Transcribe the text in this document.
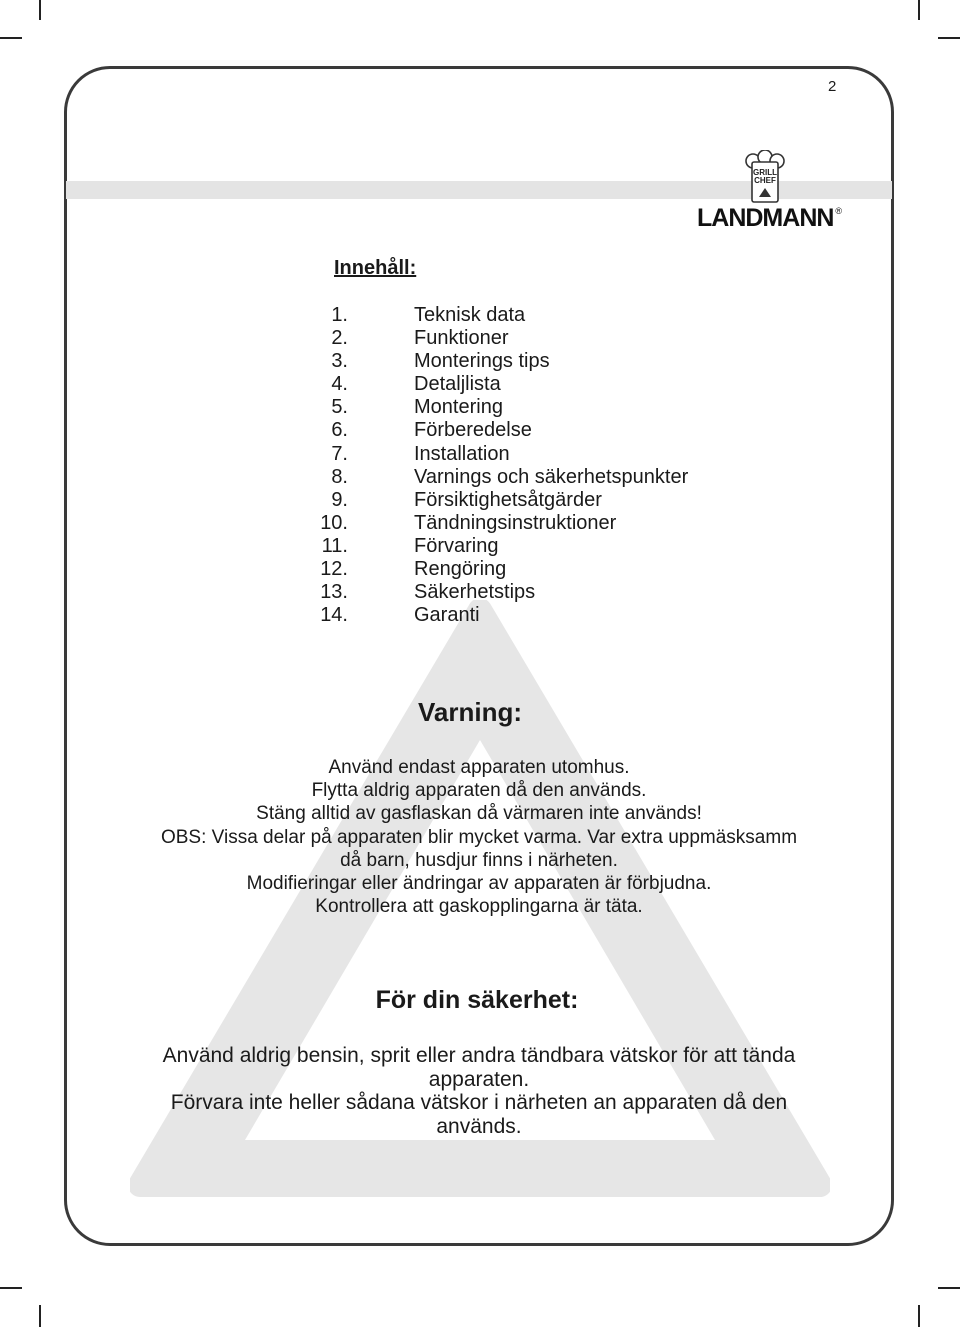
2
GRILL
CHEF
LANDMANN ®
Innehåll:
1.	Teknisk data
2.	Funktioner
3.	Monterings tips
4.	Detaljlista
5.	Montering
6.	Förberedelse
7.	Installation
8.	Varnings och säkerhetspunkter
9.	Försiktighetsåtgärder
10.	Tändningsinstruktioner
11.	Förvaring
12.	Rengöring
13.	Säkerhetstips
14.	Garanti
Varning:
Använd endast apparaten utomhus.
Flytta aldrig apparaten då den används.
Stäng alltid av gasflaskan då värmaren inte används!
OBS: Vissa delar på apparaten blir mycket varma. Var extra uppmäsksamm
då barn, husdjur finns i närheten.
Modifieringar eller ändringar av apparaten är förbjudna.
Kontrollera att gaskopplingarna är täta.
För din säkerhet:
Använd aldrig bensin, sprit eller andra tändbara vätskor för att tända
apparaten.
Förvara inte heller sådana vätskor i närheten an apparaten då den
används.
